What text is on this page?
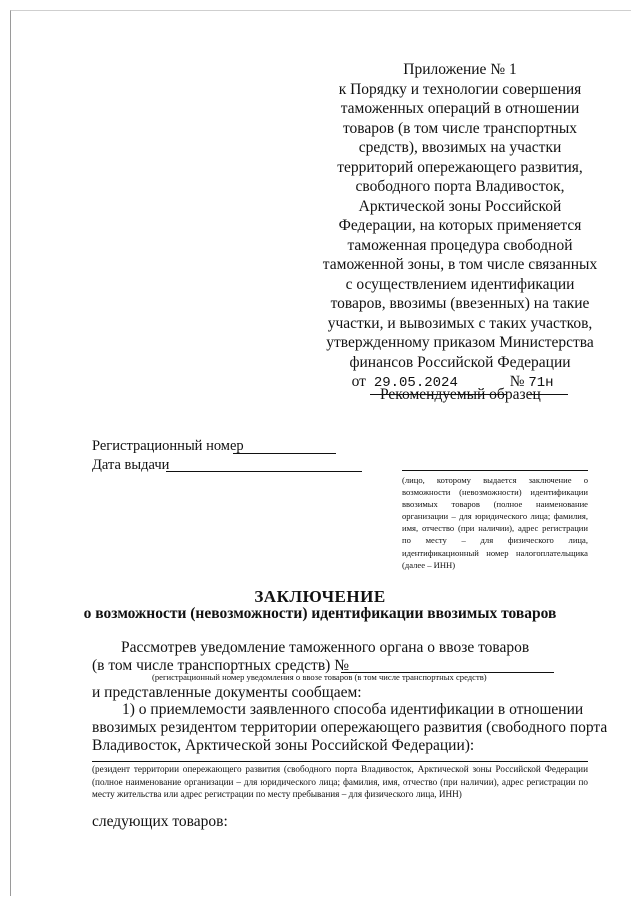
Приложение № 1
к Порядку и технологии совершения
таможенных операций в отношении
товаров (в том числе транспортных
средств), ввозимых на участки
территорий опережающего развития,
свободного порта Владивосток,
Арктической зоны Российской
Федерации, на которых применяется
таможенная процедура свободной
таможенной зоны, в том числе связанных
с осуществлением идентификации
товаров, ввозимы (ввезенных) на такие
участки, и вывозимых с таких участков,
утвержденному приказом Министерства
финансов Российской Федерации
от 29.05.2024	№ 71н
Рекомендуемый образец
Регистрационный номер
Дата выдачи
(лицо, которому выдается заключение о возможности (невозможности) идентификации ввозимых товаров (полное наименование организации – для юридического лица; фамилия, имя, отчество (при наличии), адрес регистрации по месту – для физического лица, идентификационный номер налогоплательщика (далее – ИНН)
ЗАКЛЮЧЕНИЕ
о возможности (невозможности) идентификации ввозимых товаров
Рассмотрев уведомление таможенного органа о ввозе товаров
(в том числе транспортных средств) №
(регистрационный номер уведомления о ввозе товаров (в том числе транспортных средств)
и представленные документы сообщаем:
1) о приемлемости заявленного способа идентификации в отношении
ввозимых резидентом территории опережающего развития (свободного порта
Владивосток, Арктической зоны Российской Федерации):
(резидент территории опережающего развития (свободного порта Владивосток, Арктической зоны Российской Федерации (полное наименование организации – для юридического лица; фамилия, имя, отчество (при наличии), адрес регистрации по месту жительства или адрес регистрации по месту пребывания – для физического лица, ИНН)
следующих товаров:
